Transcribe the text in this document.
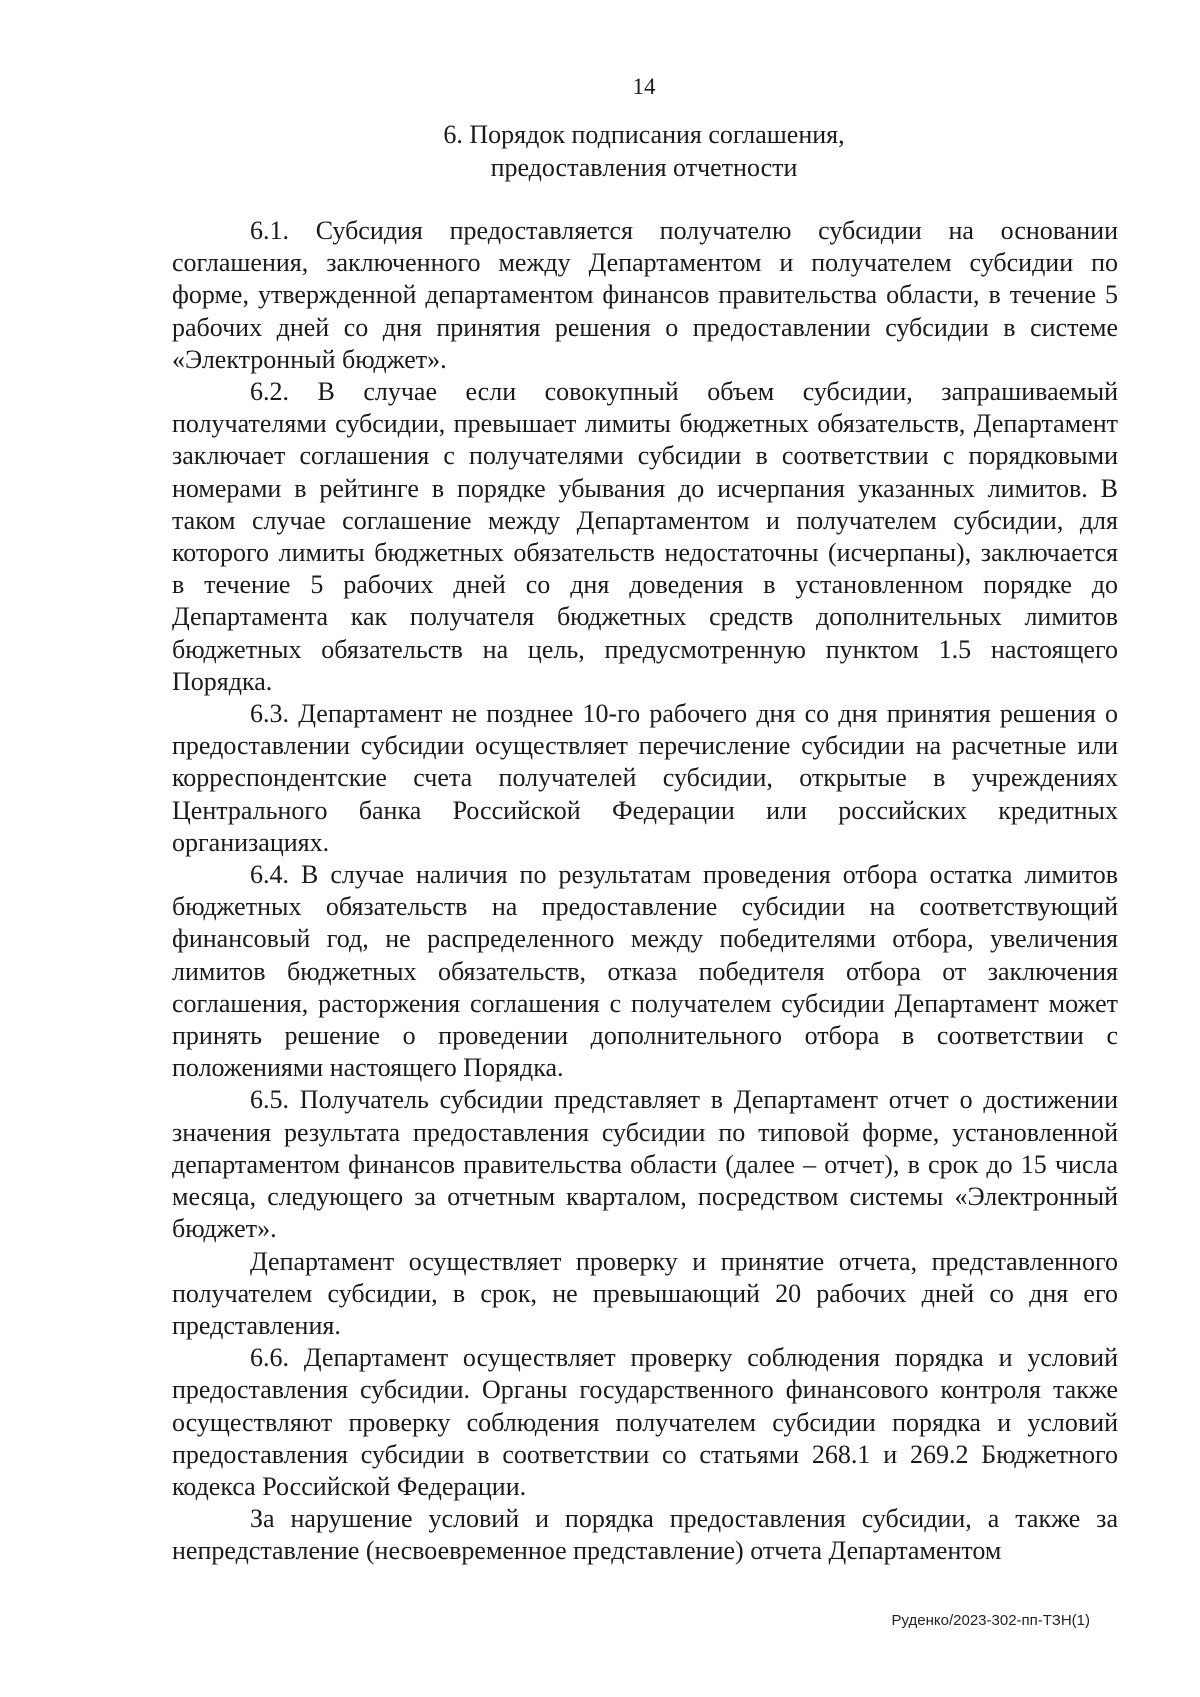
14
6. Порядок подписания соглашения,
предоставления отчетности

6.1. Субсидия предоставляется получателю субсидии на основании соглашения, заключенного между Департаментом и получателем субсидии по форме, утвержденной департаментом финансов правительства области, в течение 5 рабочих дней со дня принятия решения о предоставлении субсидии в системе «Электронный бюджет».

6.2. В случае если совокупный объем субсидии, запрашиваемый получателями субсидии, превышает лимиты бюджетных обязательств, Департамент заключает соглашения с получателями субсидии в соответствии с порядковыми номерами в рейтинге в порядке убывания до исчерпания указанных лимитов. В таком случае соглашение между Департаментом и получателем субсидии, для которого лимиты бюджетных обязательств недостаточны (исчерпаны), заключается в течение 5 рабочих дней со дня доведения в установленном порядке до Департамента как получателя бюджетных средств дополнительных лимитов бюджетных обязательств на цель, предусмотренную пунктом 1.5 настоящего Порядка.

6.3. Департамент не позднее 10-го рабочего дня со дня принятия решения о предоставлении субсидии осуществляет перечисление субсидии на расчетные или корреспондентские счета получателей субсидии, открытые в учреждениях Центрального банка Российской Федерации или российских кредитных организациях.

6.4. В случае наличия по результатам проведения отбора остатка лимитов бюджетных обязательств на предоставление субсидии на соответствующий финансовый год, не распределенного между победителями отбора, увеличения лимитов бюджетных обязательств, отказа победителя отбора от заключения соглашения, расторжения соглашения с получателем субсидии Департамент может принять решение о проведении дополнительного отбора в соответствии с положениями настоящего Порядка.

6.5. Получатель субсидии представляет в Департамент отчет о достижении значения результата предоставления субсидии по типовой форме, установленной департаментом финансов правительства области (далее – отчет), в срок до 15 числа месяца, следующего за отчетным кварталом, посредством системы «Электронный бюджет».

Департамент осуществляет проверку и принятие отчета, представленного получателем субсидии, в срок, не превышающий 20 рабочих дней со дня его представления.

6.6. Департамент осуществляет проверку соблюдения порядка и условий предоставления субсидии. Органы государственного финансового контроля также осуществляют проверку соблюдения получателем субсидии порядка и условий предоставления субсидии в соответствии со статьями 268.1 и 269.2 Бюджетного кодекса Российской Федерации.

За нарушение условий и порядка предоставления субсидии, а также за непредставление (несвоевременное представление) отчета Департаментом

Руденко/2023-302-пп-ТЗН(1)
